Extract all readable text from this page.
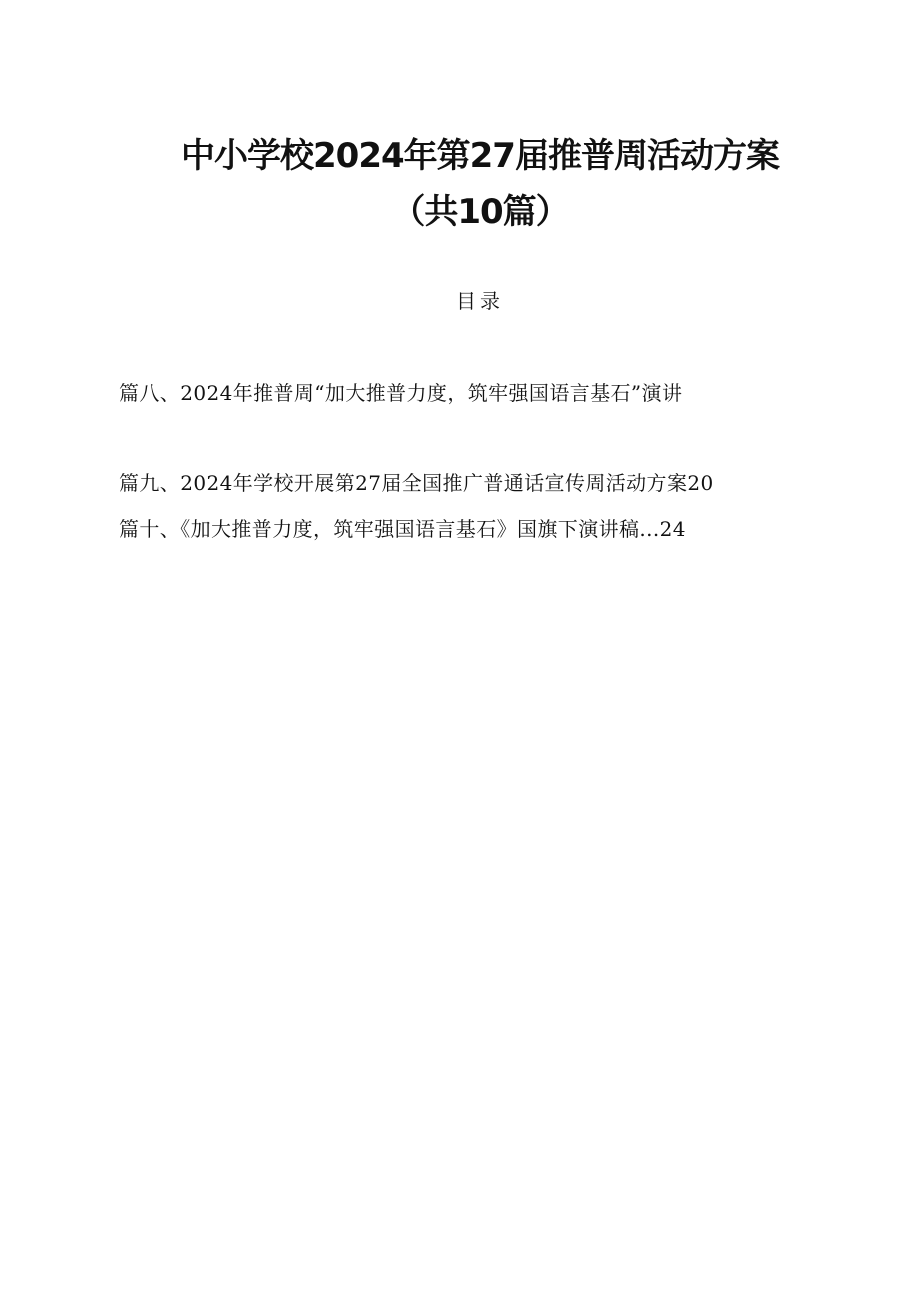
中小学校2024年第27届推普周活动方案（共10篇）
目录
篇八、2024年推普周“加大推普力度，筑牢强国语言基石”演讲
篇九、2024年学校开展第27届全国推广普通话宣传周活动方案20
篇十、《加大推普力度，筑牢强国语言基石》国旗下演讲稿...24
